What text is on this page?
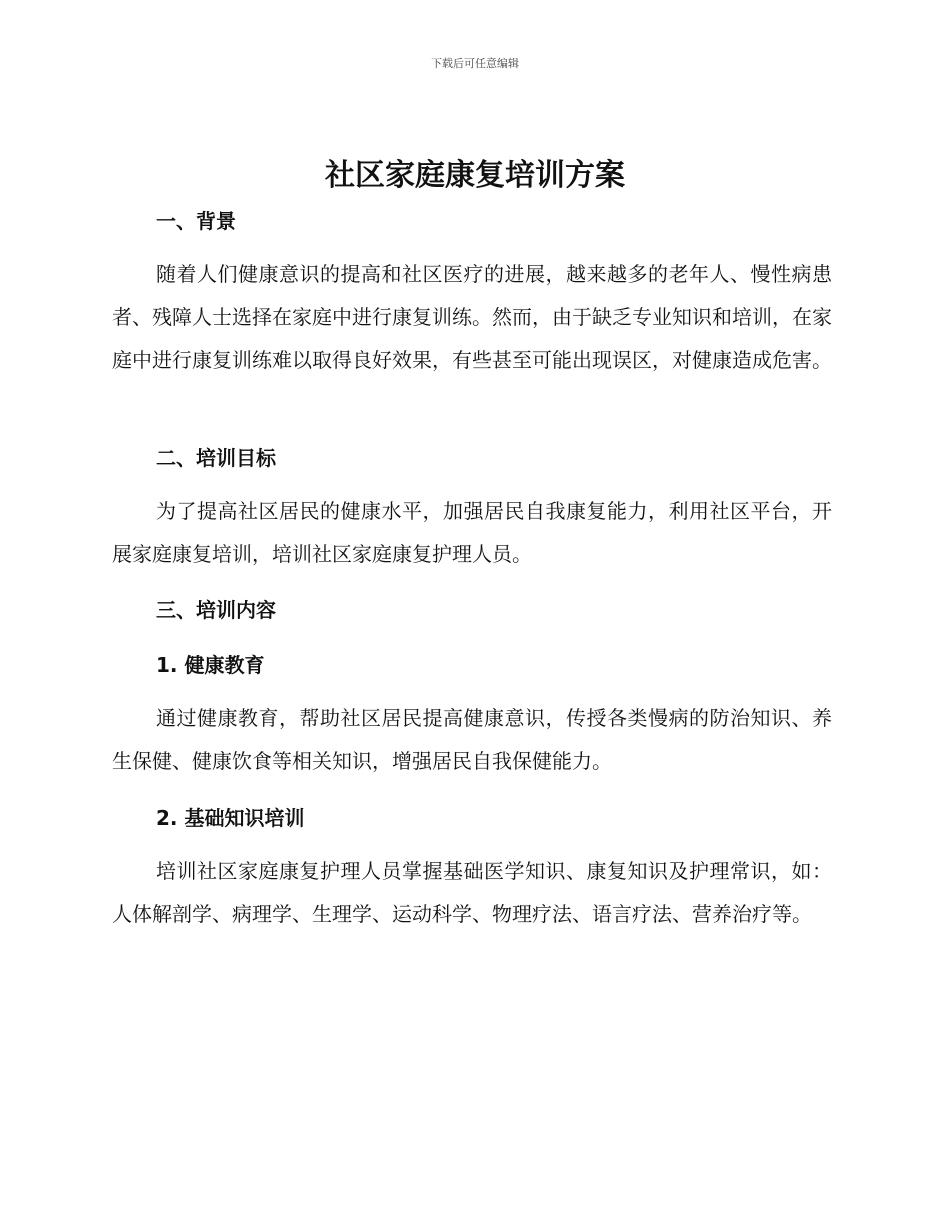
下载后可任意编辑
社区家庭康复培训方案
一、背景

随着人们健康意识的提高和社区医疗的进展，越来越多的老年人、慢性病患者、残障人士选择在家庭中进行康复训练。然而，由于缺乏专业知识和培训，在家庭中进行康复训练难以取得良好效果，有些甚至可能出现误区，对健康造成危害。

二、培训目标

为了提高社区居民的健康水平，加强居民自我康复能力，利用社区平台，开展家庭康复培训，培训社区家庭康复护理人员。

三、培训内容
1. 健康教育

通过健康教育，帮助社区居民提高健康意识，传授各类慢病的防治知识、养生保健、健康饮食等相关知识，增强居民自我保健能力。

2. 基础知识培训

培训社区家庭康复护理人员掌握基础医学知识、康复知识及护理常识，如：人体解剖学、病理学、生理学、运动科学、物理疗法、语言疗法、营养治疗等。
